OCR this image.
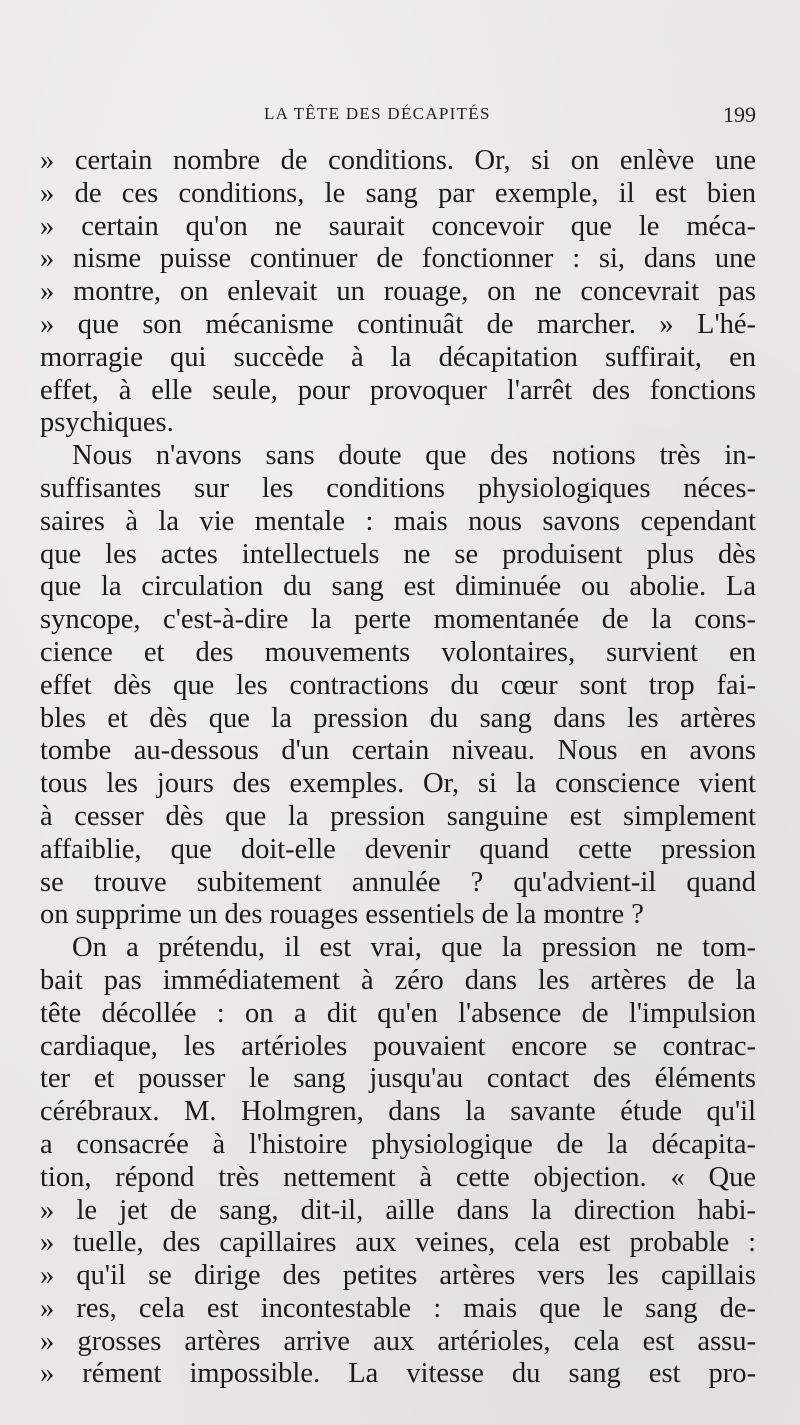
LA TÊTE DES DÉCAPITÉS	199
» certain nombre de conditions. Or, si on enlève une
» de ces conditions, le sang par exemple, il est bien
» certain qu'on ne saurait concevoir que le méca-
» nisme puisse continuer de fonctionner : si, dans une
» montre, on enlevait un rouage, on ne concevrait pas
» que son mécanisme continuât de marcher. » L'hé-
morragie qui succède à la décapitation suffirait, en
effet, à elle seule, pour provoquer l'arrêt des fonctions
psychiques.
Nous n'avons sans doute que des notions très in-
suffisantes sur les conditions physiologiques néces-
saires à la vie mentale : mais nous savons cependant
que les actes intellectuels ne se produisent plus dès
que la circulation du sang est diminuée ou abolie. La
syncope, c'est-à-dire la perte momentanée de la cons-
cience et des mouvements volontaires, survient en
effet dès que les contractions du cœur sont trop fai-
bles et dès que la pression du sang dans les artères
tombe au-dessous d'un certain niveau. Nous en avons
tous les jours des exemples. Or, si la conscience vient
à cesser dès que la pression sanguine est simplement
affaiblie, que doit-elle devenir quand cette pression
se trouve subitement annulée ? qu'advient-il quand
on supprime un des rouages essentiels de la montre ?
On a prétendu, il est vrai, que la pression ne tom-
bait pas immédiatement à zéro dans les artères de la
tête décollée : on a dit qu'en l'absence de l'impulsion
cardiaque, les artérioles pouvaient encore se contrac-
ter et pousser le sang jusqu'au contact des éléments
cérébraux. M. Holmgren, dans la savante étude qu'il
a consacrée à l'histoire physiologique de la décapita-
tion, répond très nettement à cette objection. « Que
» le jet de sang, dit-il, aille dans la direction habi-
» tuelle, des capillaires aux veines, cela est probable :
» qu'il se dirige des petites artères vers les capillais
» res, cela est incontestable : mais que le sang de-
» grosses artères arrive aux artérioles, cela est assu-
» rément impossible. La vitesse du sang est pro-
